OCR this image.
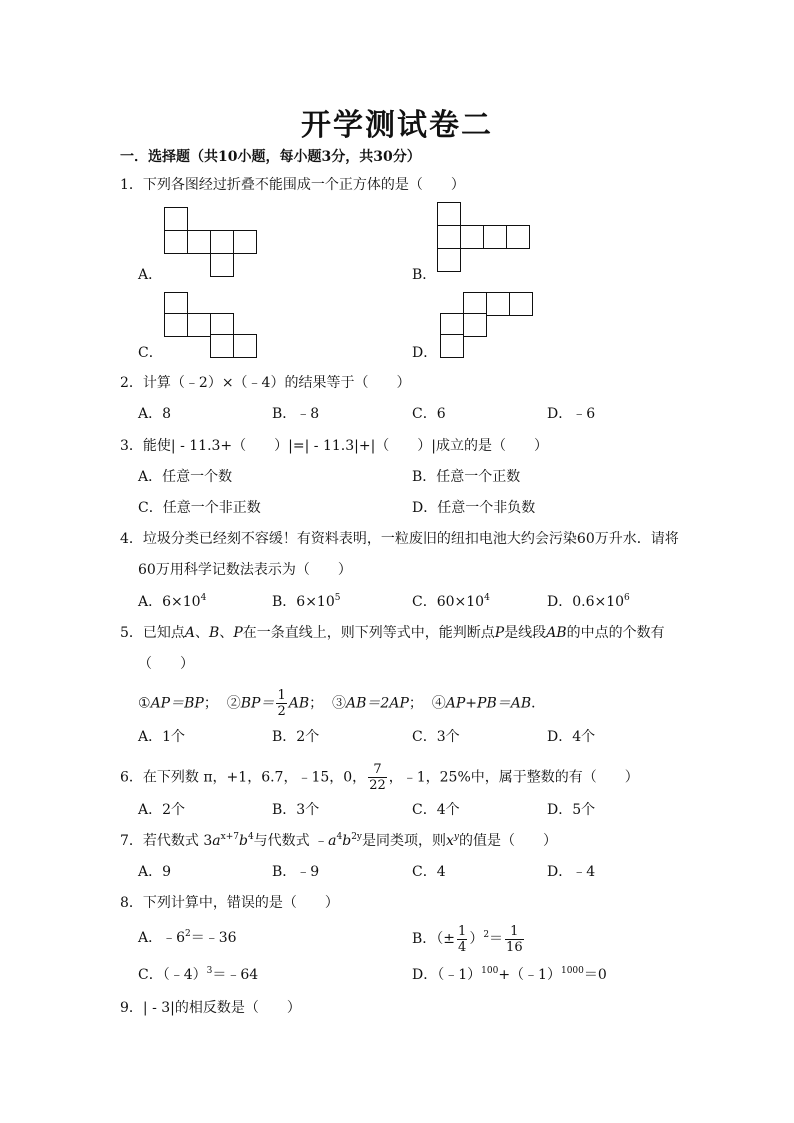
开学测试卷二
一．选择题（共10小题，每小题3分，共30分）
1．下列各图经过折叠不能围成一个正方体的是（　　）
A．	B．
C．	D．
2．计算（﹣2）×（﹣4）的结果等于（　　）
A．8	B．﹣8	C．6	D．﹣6
3．能使| - 11.3+（　　）|=| - 11.3|+|（　　）|成立的是（　　）
A．任意一个数	B．任意一个正数
C．任意一个非正数	D．任意一个非负数
4．垃圾分类已经刻不容缓！有资料表明，一粒废旧的纽扣电池大约会污染60万升水．请将
60万用科学记数法表示为（　　）
A．$6\times 10^4$	B．$6\times 10^5$	C．$60\times 10^4$	D．$0.6\times 10^6$
5．已知点A、B、P在一条直线上，则下列等式中，能判断点P是线段AB的中点的个数有
（　　）
①AP＝BP； ②BP＝ $\frac{1}{2}$ AB； ③AB＝2AP； ④AP+PB＝AB．
A．1个	B．2个	C．3个	D．4个
6．在下列数 π，+1，6.7，﹣15，0， $\frac{7}{22}$ ，﹣1，25%中，属于整数的有（　　）
A．2个	B．3个	C．4个	D．5个
7．若代数式 $3a^{x+7}b^4$与代数式 $﹣a^4b^{2y}$是同类项，则$x^y$的值是（　　）
A．9	B．﹣9	C．4	D．﹣4
8．下列计算中，错误的是（　　）
A．$﹣6^2=﹣36$	B．（± $\frac{1}{4} )^2= \frac{1}{16}$
C．（﹣4）$^3$＝﹣64	D．（﹣1）$^{100}$+（﹣1）$^{1000}$＝0
9．| - 3|的相反数是（　　）
